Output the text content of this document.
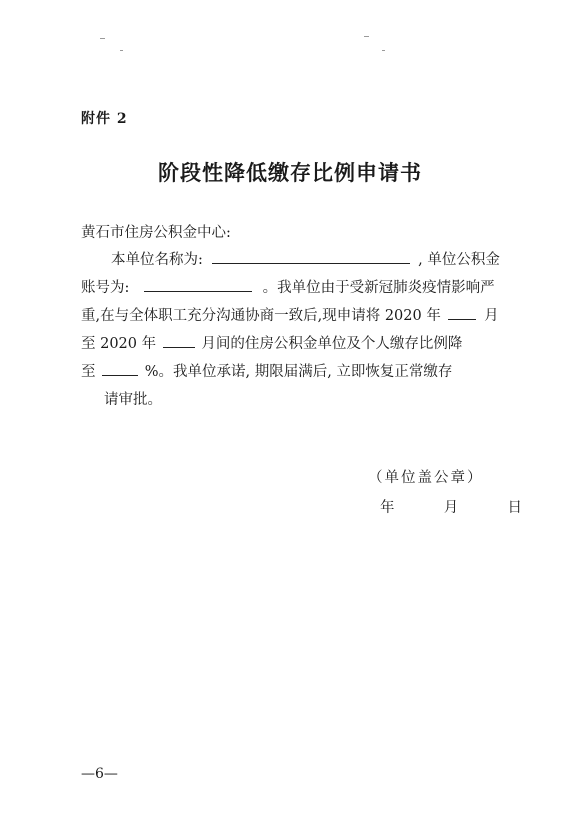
附件 2
阶段性降低缴存比例申请书
黄石市住房公积金中心:
本单位名称为:	, 单位公积金
账号为:	。我单位由于受新冠肺炎疫情影响严
重,在与全体职工充分沟通协商一致后,现申请将 2020 年	月
至 2020 年	月间的住房公积金单位及个人缴存比例降
至	%。我单位承诺, 期限届满后, 立即恢复正常缴存
请审批。
（单位盖公章）
年	月	日
—6—
